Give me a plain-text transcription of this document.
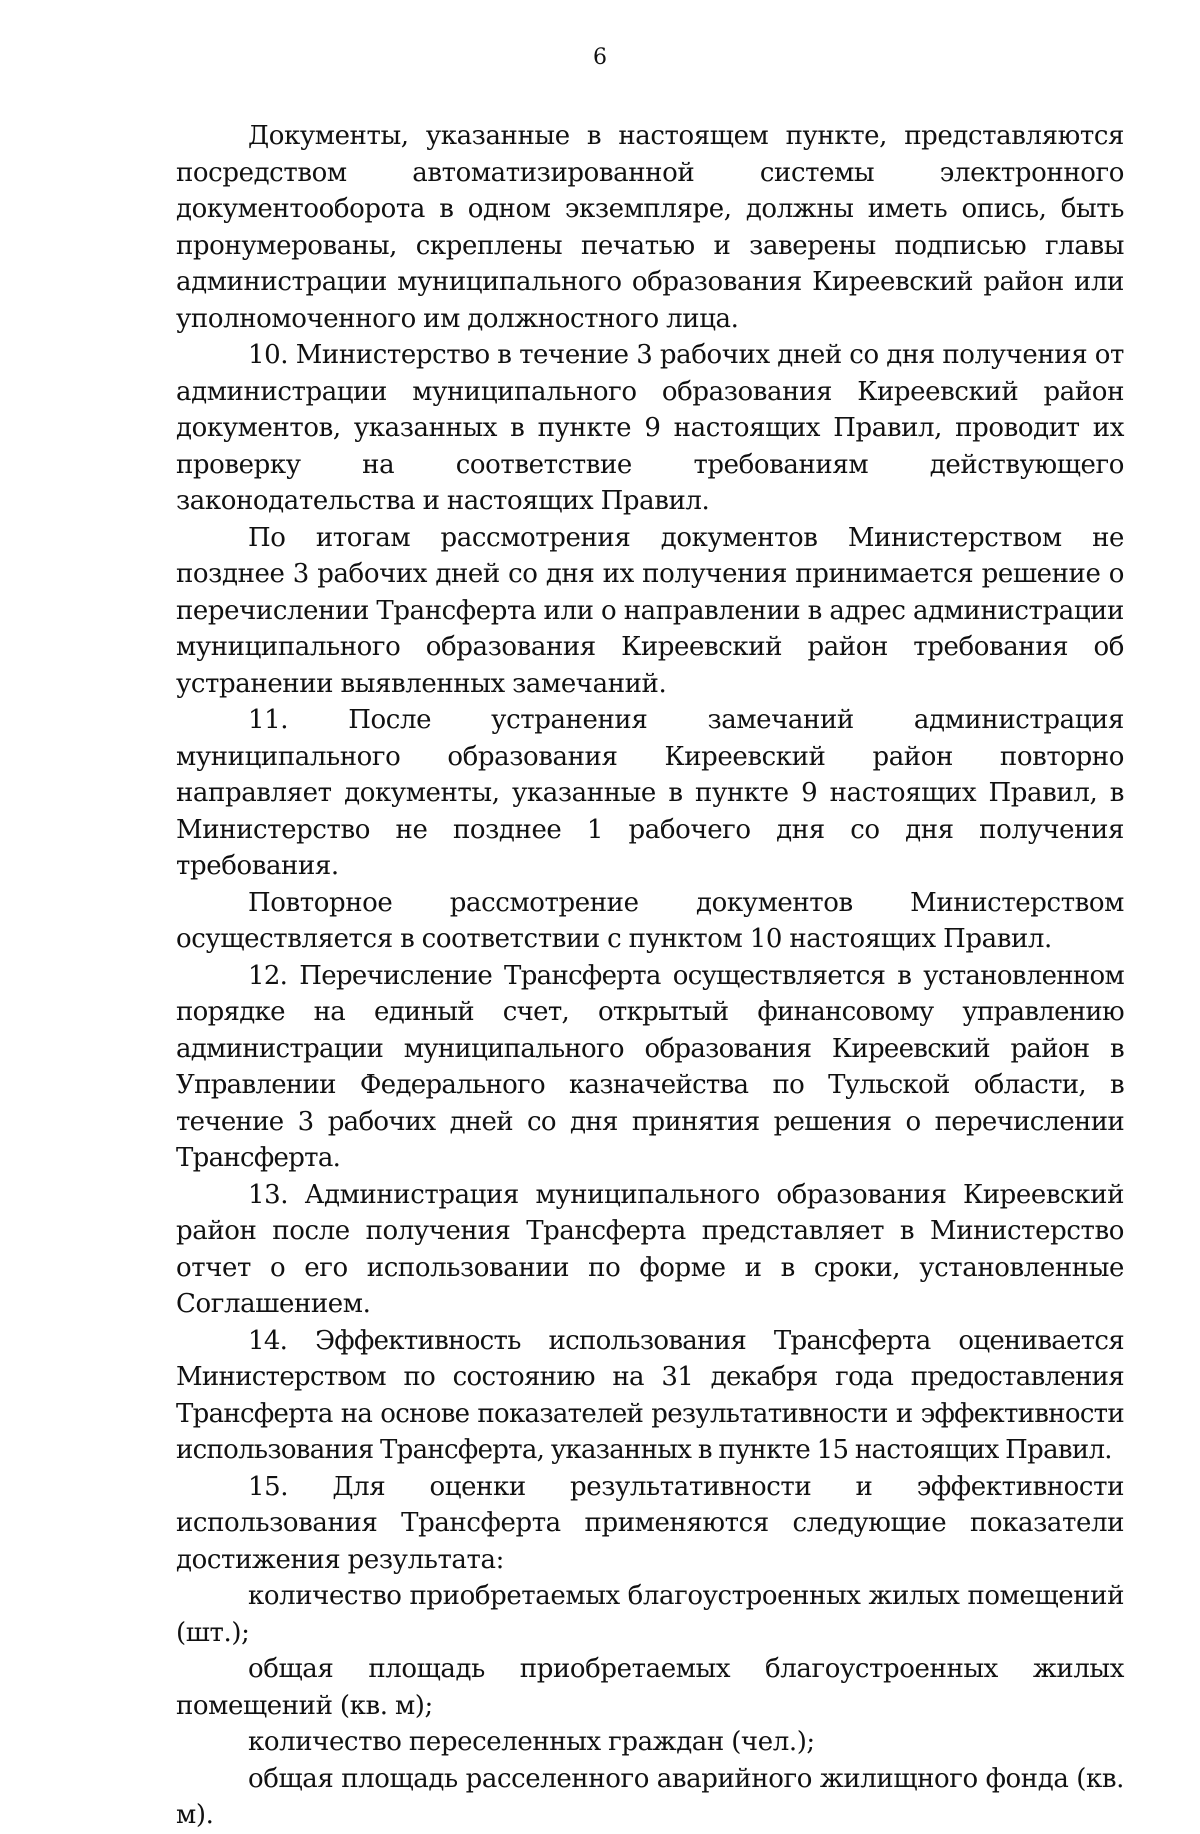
6

Документы, указанные в настоящем пункте, представляются посредством автоматизированной системы электронного документооборота в одном экземпляре, должны иметь опись, быть пронумерованы, скреплены печатью и заверены подписью главы администрации муниципального образования Киреевский район или уполномоченного им должностного лица.

10. Министерство в течение 3 рабочих дней со дня получения от администрации муниципального образования Киреевский район документов, указанных в пункте 9 настоящих Правил, проводит их проверку на соответствие требованиям действующего законодательства и настоящих Правил.

По итогам рассмотрения документов Министерством не позднее 3 рабочих дней со дня их получения принимается решение о перечислении Трансферта или о направлении в адрес администрации муниципального образования Киреевский район требования об устранении выявленных замечаний.

11. После устранения замечаний администрация муниципального образования Киреевский район повторно направляет документы, указанные в пункте 9 настоящих Правил, в Министерство не позднее 1 рабочего дня со дня получения требования.

Повторное рассмотрение документов Министерством осуществляется в соответствии с пунктом 10 настоящих Правил.

12. Перечисление Трансферта осуществляется в установленном порядке на единый счет, открытый финансовому управлению администрации муниципального образования Киреевский район в Управлении Федерального казначейства по Тульской области, в течение 3 рабочих дней со дня принятия решения о перечислении Трансферта.

13. Администрация муниципального образования Киреевский район после получения Трансферта представляет в Министерство отчет о его использовании по форме и в сроки, установленные Соглашением.

14. Эффективность использования Трансферта оценивается Министерством по состоянию на 31 декабря года предоставления Трансферта на основе показателей результативности и эффективности использования Трансферта, указанных в пункте 15 настоящих Правил.

15. Для оценки результативности и эффективности использования Трансферта применяются следующие показатели достижения результата:

количество приобретаемых благоустроенных жилых помещений (шт.);

общая площадь приобретаемых благоустроенных жилых помещений (кв. м);

количество переселенных граждан (чел.);

общая площадь расселенного аварийного жилищного фонда (кв. м).
